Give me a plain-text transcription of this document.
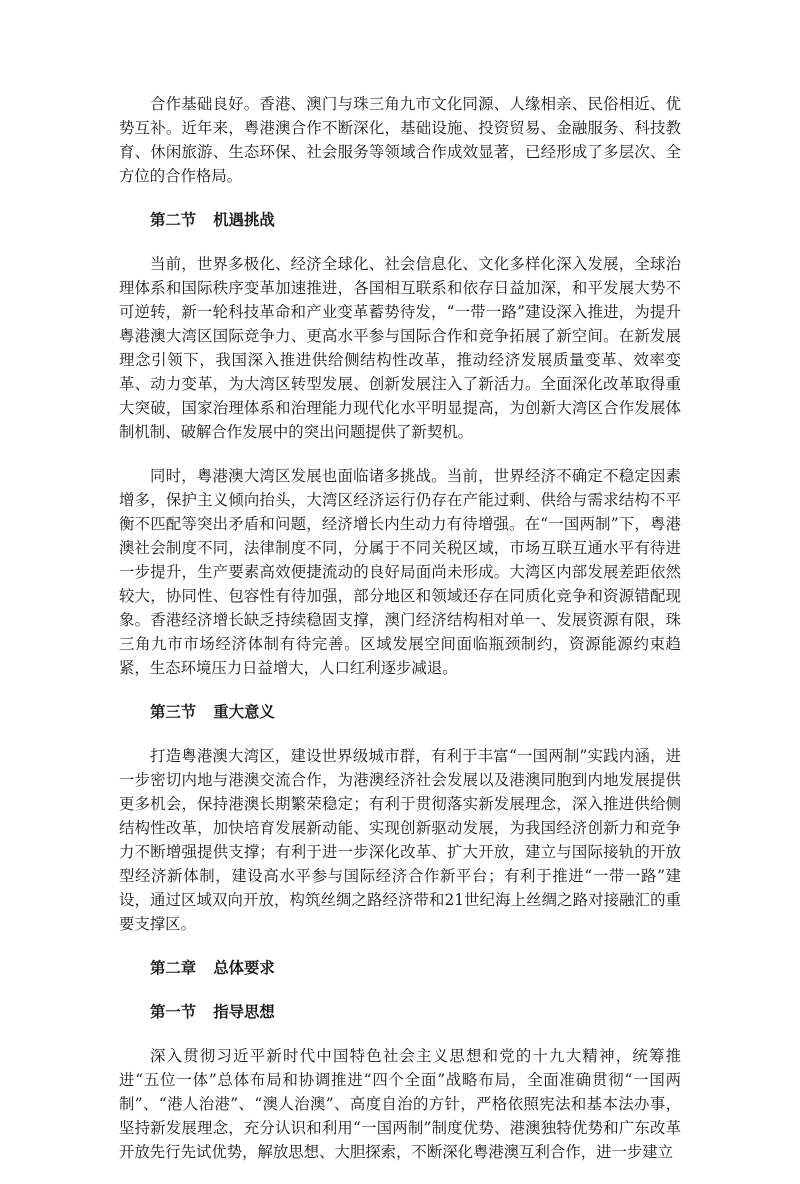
合作基础良好。香港、澳门与珠三角九市文化同源、人缘相亲、民俗相近、优势互补。近年来，粤港澳合作不断深化，基础设施、投资贸易、金融服务、科技教育、休闲旅游、生态环保、社会服务等领域合作成效显著，已经形成了多层次、全方位的合作格局。

第二节 机遇挑战

当前，世界多极化、经济全球化、社会信息化、文化多样化深入发展，全球治理体系和国际秩序变革加速推进，各国相互联系和依存日益加深，和平发展大势不可逆转，新一轮科技革命和产业变革蓄势待发，“一带一路”建设深入推进，为提升粤港澳大湾区国际竞争力、更高水平参与国际合作和竞争拓展了新空间。在新发展理念引领下，我国深入推进供给侧结构性改革，推动经济发展质量变革、效率变革、动力变革，为大湾区转型发展、创新发展注入了新活力。全面深化改革取得重大突破，国家治理体系和治理能力现代化水平明显提高，为创新大湾区合作发展体制机制、破解合作发展中的突出问题提供了新契机。

同时，粤港澳大湾区发展也面临诸多挑战。当前，世界经济不确定不稳定因素增多，保护主义倾向抬头，大湾区经济运行仍存在产能过剩、供给与需求结构不平衡不匹配等突出矛盾和问题，经济增长内生动力有待增强。在“一国两制”下，粤港澳社会制度不同，法律制度不同，分属于不同关税区域，市场互联互通水平有待进一步提升，生产要素高效便捷流动的良好局面尚未形成。大湾区内部发展差距依然较大，协同性、包容性有待加强，部分地区和领域还存在同质化竞争和资源错配现象。香港经济增长缺乏持续稳固支撑，澳门经济结构相对单一、发展资源有限，珠三角九市市场经济体制有待完善。区域发展空间面临瓶颈制约，资源能源约束趋紧，生态环境压力日益增大，人口红利逐步减退。

第三节 重大意义

打造粤港澳大湾区，建设世界级城市群，有利于丰富“一国两制”实践内涵，进一步密切内地与港澳交流合作，为港澳经济社会发展以及港澳同胞到内地发展提供更多机会，保持港澳长期繁荣稳定；有利于贯彻落实新发展理念，深入推进供给侧结构性改革，加快培育发展新动能、实现创新驱动发展，为我国经济创新力和竞争力不断增强提供支撑；有利于进一步深化改革、扩大开放，建立与国际接轨的开放型经济新体制，建设高水平参与国际经济合作新平台；有利于推进“一带一路”建设，通过区域双向开放，构筑丝绸之路经济带和21世纪海上丝绸之路对接融汇的重要支撑区。

第二章 总体要求
第一节 指导思想

深入贯彻习近平新时代中国特色社会主义思想和党的十九大精神，统筹推进“五位一体”总体布局和协调推进“四个全面”战略布局，全面准确贯彻“一国两制”、“港人治港”、“澳人治澳”、高度自治的方针，严格依照宪法和基本法办事，坚持新发展理念，充分认识和利用“一国两制”制度优势、港澳独特优势和广东改革开放先行先试优势，解放思想、大胆探索，不断深化粤港澳互利合作，进一步建立
